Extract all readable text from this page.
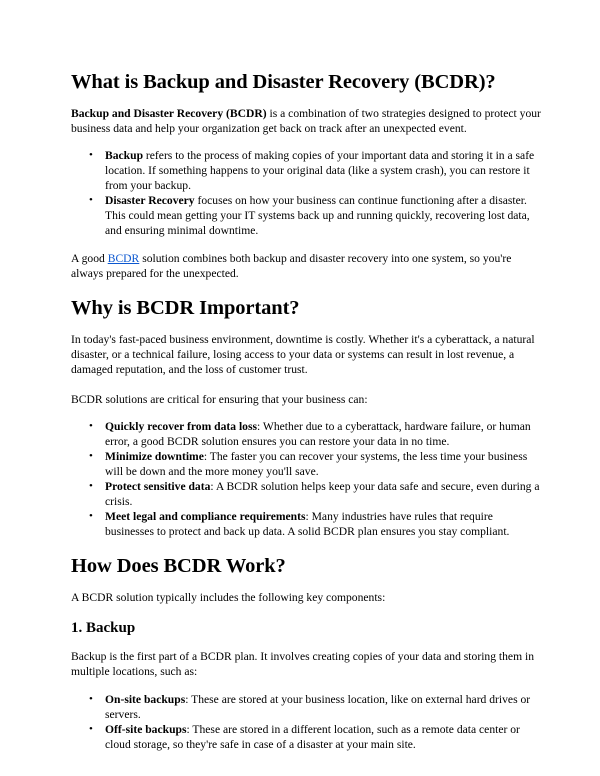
What is Backup and Disaster Recovery (BCDR)?

Backup and Disaster Recovery (BCDR) is a combination of two strategies designed to protect your business data and help your organization get back on track after an unexpected event.

• Backup refers to the process of making copies of your important data and storing it in a safe location. If something happens to your original data (like a system crash), you can restore it from your backup.
• Disaster Recovery focuses on how your business can continue functioning after a disaster. This could mean getting your IT systems back up and running quickly, recovering lost data, and ensuring minimal downtime.

A good BCDR solution combines both backup and disaster recovery into one system, so you're always prepared for the unexpected.

Why is BCDR Important?

In today's fast-paced business environment, downtime is costly. Whether it's a cyberattack, a natural disaster, or a technical failure, losing access to your data or systems can result in lost revenue, a damaged reputation, and the loss of customer trust.

BCDR solutions are critical for ensuring that your business can:

• Quickly recover from data loss: Whether due to a cyberattack, hardware failure, or human error, a good BCDR solution ensures you can restore your data in no time.
• Minimize downtime: The faster you can recover your systems, the less time your business will be down and the more money you'll save.
• Protect sensitive data: A BCDR solution helps keep your data safe and secure, even during a crisis.
• Meet legal and compliance requirements: Many industries have rules that require businesses to protect and back up data. A solid BCDR plan ensures you stay compliant.
How Does BCDR Work?

A BCDR solution typically includes the following key components:

1. Backup

Backup is the first part of a BCDR plan. It involves creating copies of your data and storing them in multiple locations, such as:

• On-site backups: These are stored at your business location, like on external hard drives or servers.
• Off-site backups: These are stored in a different location, such as a remote data center or cloud storage, so they're safe in case of a disaster at your main site.
